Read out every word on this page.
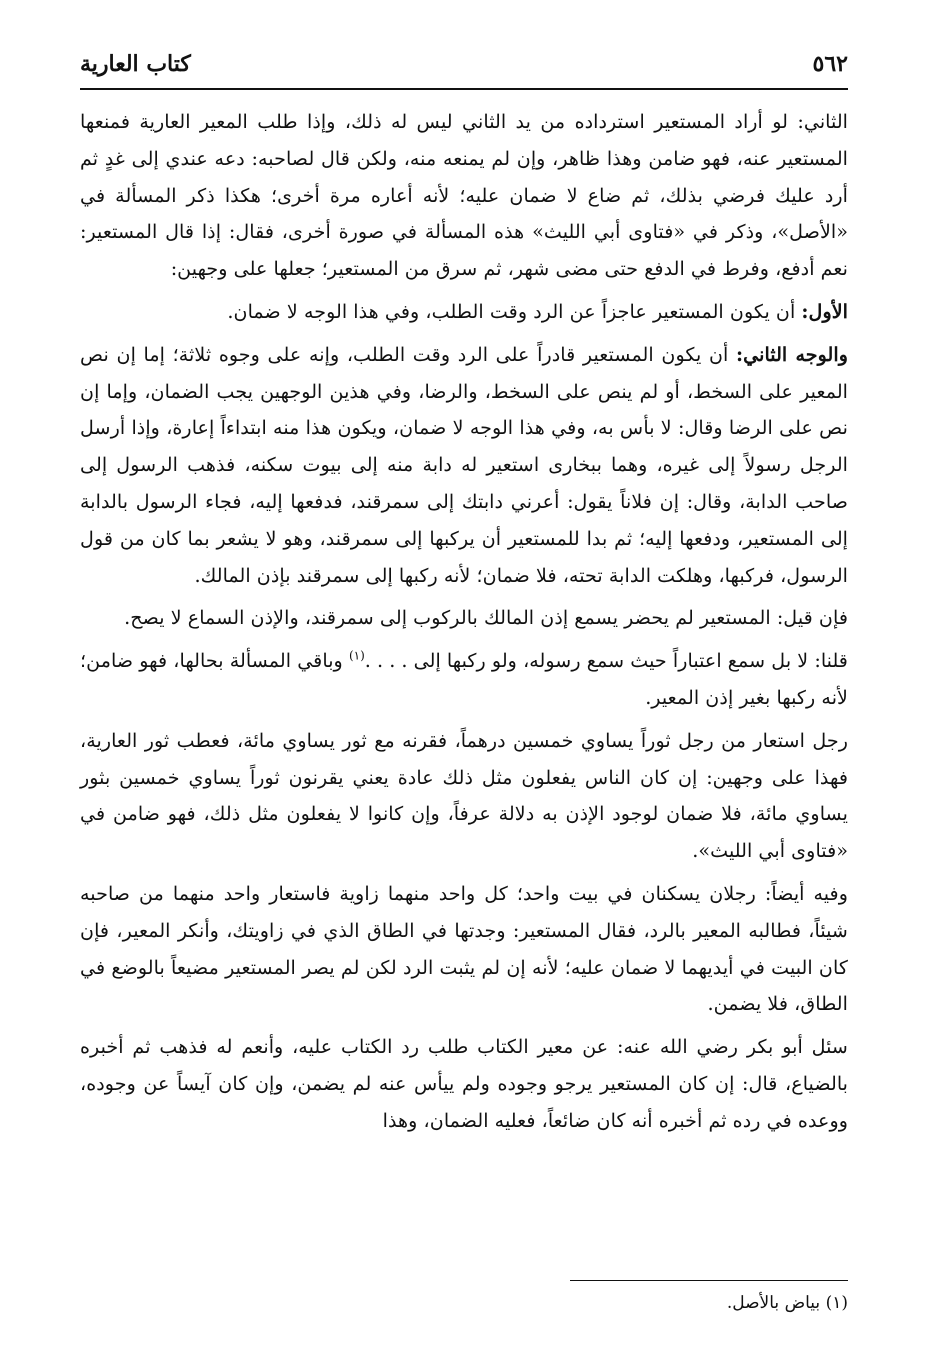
٥٦٢
كتاب العارية

الثاني: لو أراد المستعير استرداده من يد الثاني ليس له ذلك، وإذا طلب المعير العارية فمنعها المستعير عنه، فهو ضامن وهذا ظاهر، وإن لم يمنعه منه، ولكن قال لصاحبه: دعه عندي إلى غدٍ ثم أرد عليك فرضي بذلك، ثم ضاع لا ضمان عليه؛ لأنه أعاره مرة أخرى؛ هكذا ذكر المسألة في «الأصل»، وذكر في «فتاوى أبي الليث» هذه المسألة في صورة أخرى، فقال: إذا قال المستعير: نعم أدفع، وفرط في الدفع حتى مضى شهر، ثم سرق من المستعير؛ جعلها على وجهين:

الأول: أن يكون المستعير عاجزاً عن الرد وقت الطلب، وفي هذا الوجه لا ضمان.

والوجه الثاني: أن يكون المستعير قادراً على الرد وقت الطلب، وإنه على وجوه ثلاثة؛ إما إن نص المعير على السخط، أو لم ينص على السخط، والرضا، وفي هذين الوجهين يجب الضمان، وإما إن نص على الرضا وقال: لا بأس به، وفي هذا الوجه لا ضمان، ويكون هذا منه ابتداءاً إعارة، وإذا أرسل الرجل رسولاً إلى غيره، وهما ببخارى استعير له دابة منه إلى بيوت سكنه، فذهب الرسول إلى صاحب الدابة، وقال: إن فلاناً يقول: أعرني دابتك إلى سمرقند، فدفعها إليه، فجاء الرسول بالدابة إلى المستعير، ودفعها إليه؛ ثم بدا للمستعير أن يركبها إلى سمرقند، وهو لا يشعر بما كان من قول الرسول، فركبها، وهلكت الدابة تحته، فلا ضمان؛ لأنه ركبها إلى سمرقند بإذن المالك.

فإن قيل: المستعير لم يحضر يسمع إذن المالك بالركوب إلى سمرقند، والإذن السماع لا يصح.

قلنا: لا بل سمع اعتباراً حيث سمع رسوله، ولو ركبها إلى . . . .$^{(١)}$ وباقي المسألة بحالها، فهو ضامن؛ لأنه ركبها بغير إذن المعير.

رجل استعار من رجل ثوراً يساوي خمسين درهماً، فقرنه مع ثور يساوي مائة، فعطب ثور العارية، فهذا على وجهين: إن كان الناس يفعلون مثل ذلك عادة يعني يقرنون ثوراً يساوي خمسين بثور يساوي مائة، فلا ضمان لوجود الإذن به دلالة عرفاً، وإن كانوا لا يفعلون مثل ذلك، فهو ضامن في «فتاوى أبي الليث».

وفيه أيضاً: رجلان يسكنان في بيت واحد؛ كل واحد منهما زاوية فاستعار واحد منهما من صاحبه شيئاً، فطالبه المعير بالرد، فقال المستعير: وجدتها في الطاق الذي في زاويتك، وأنكر المعير، فإن كان البيت في أيديهما لا ضمان عليه؛ لأنه إن لم يثبت الرد لكن لم يصر المستعير مضيعاً بالوضع في الطاق، فلا يضمن.

سئل أبو بكر رضي الله عنه: عن معير الكتاب طلب رد الكتاب عليه، وأنعم له فذهب ثم أخبره بالضياع، قال: إن كان المستعير يرجو وجوده ولم ييأس عنه لم يضمن، وإن كان آيساً عن وجوده، ووعده في رده ثم أخبره أنه كان ضائعاً، فعليه الضمان، وهذا

(١) بياض بالأصل.
